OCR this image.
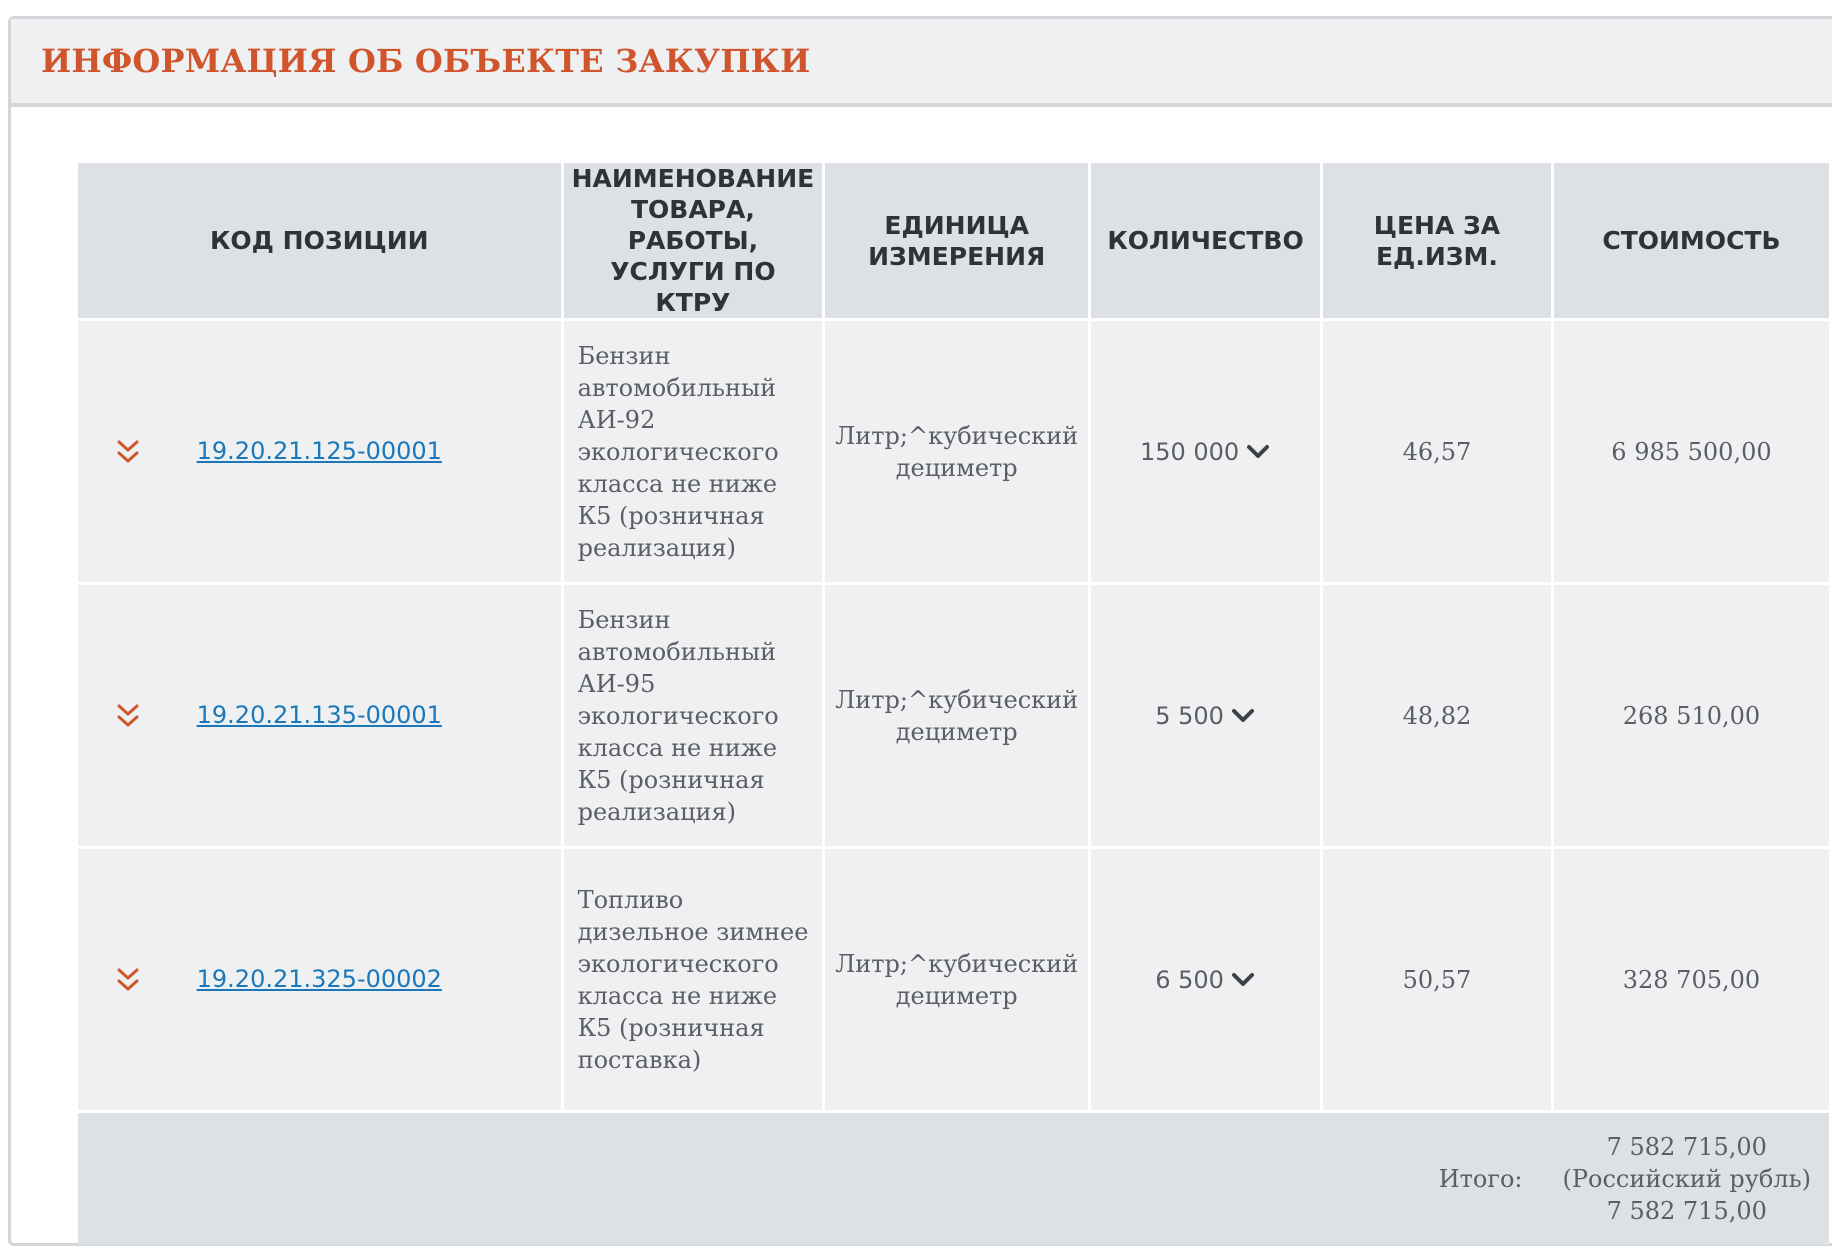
ИНФОРМАЦИЯ ОБ ОБЪЕКТЕ ЗАКУПКИ
КОД ПОЗИЦИИ	НАИМЕНОВАНИЕ ТОВАРА, РАБОТЫ, УСЛУГИ ПО КТРУ	ЕДИНИЦА ИЗМЕРЕНИЯ	КОЛИЧЕСТВО	ЦЕНА ЗА ЕД.ИЗМ.	СТОИМОСТЬ

19.20.21.125-00001	Бензин автомобильный АИ-92 экологического класса не ниже К5 (розничная реализация)	Литр;^кубический дециметр	150 000	46,57	6 985 500,00

19.20.21.135-00001	Бензин автомобильный АИ-95 экологического класса не ниже К5 (розничная реализация)	Литр;^кубический дециметр	5 500	48,82	268 510,00

19.20.21.325-00002	Топливо дизельное зимнее экологического класса не ниже К5 (розничная поставка)	Литр;^кубический дециметр	6 500	50,57	328 705,00

Итого:
7 582 715,00
(Российский рубль)
7 582 715,00					
